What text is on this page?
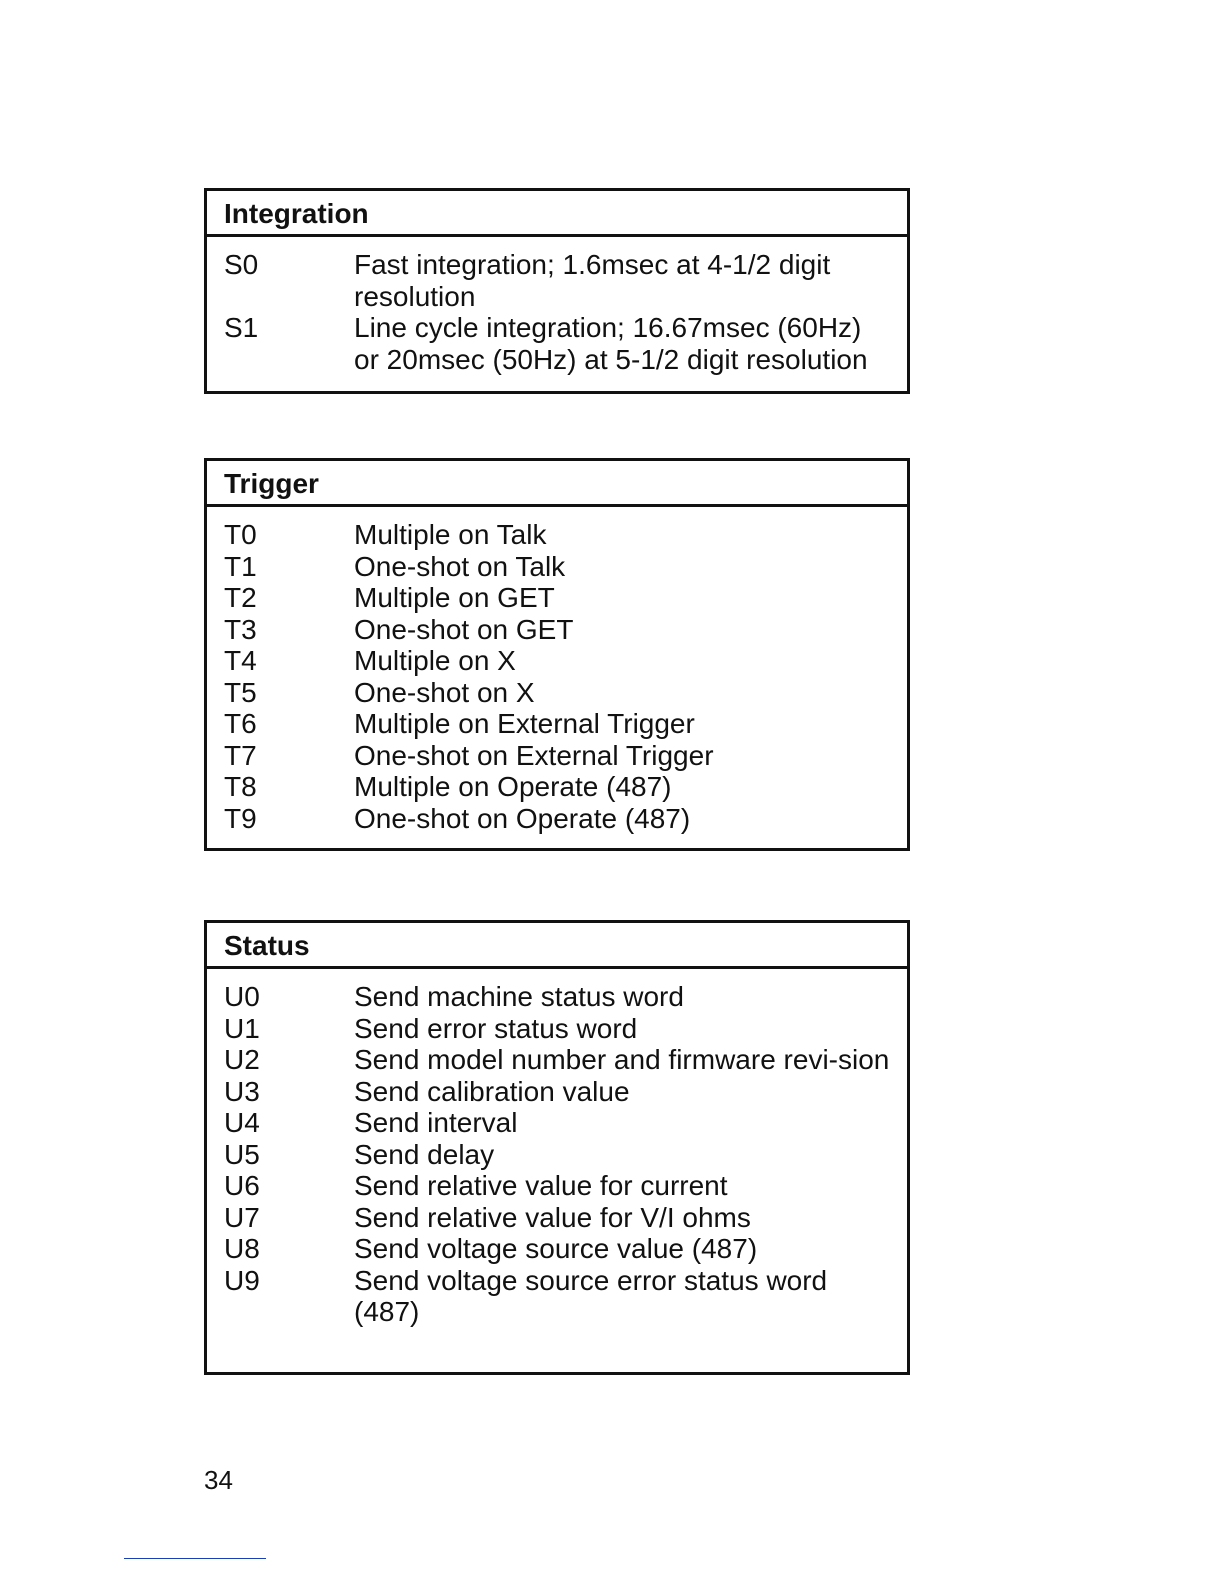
Integration
S0	Fast integration; 1.6msec at 4-1/2 digit resolution
S1	Line cycle integration; 16.67msec (60Hz) or 20msec (50Hz) at 5-1/2 digit resolution
Trigger
T0	Multiple on Talk
T1	One-shot on Talk
T2	Multiple on GET
T3	One-shot on GET
T4	Multiple on X
T5	One-shot on X
T6	Multiple on External Trigger
T7	One-shot on External Trigger
T8	Multiple on Operate (487)
T9	One-shot on Operate (487)
Status
U0	Send machine status word
U1	Send error status word
U2	Send model number and firmware revi-sion
U3	Send calibration value
U4	Send interval
U5	Send delay
U6	Send relative value for current
U7	Send relative value for V/I ohms
U8	Send voltage source value (487)
U9	Send voltage source error status word (487)
34
